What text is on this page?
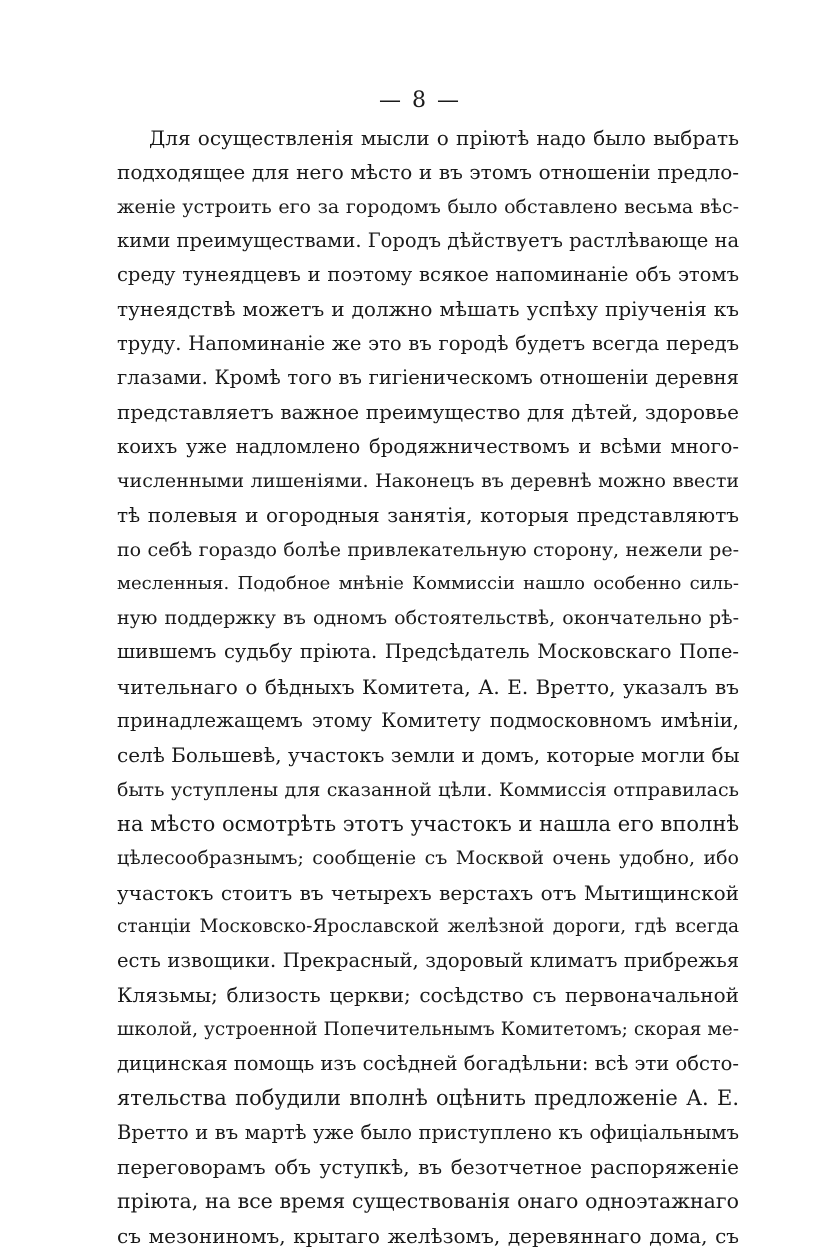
— 8 —
Для осуществленія мысли о пріютѣ надо было выбрать
подходящее для него мѣсто и въ этомъ отношеніи предло-
женіе устроить его за городомъ было обставлено весьма вѣс-
кими преимуществами. Городъ дѣйствуетъ растлѣвающе на
среду тунеядцевъ и поэтому всякое напоминаніе объ этомъ
тунеядствѣ можетъ и должно мѣшать успѣху пріученія къ
труду. Напоминаніе же это въ городѣ будетъ всегда передъ
глазами. Кромѣ того въ гигіеническомъ отношеніи деревня
представляетъ важное преимущество для дѣтей, здоровье
коихъ уже надломлено бродяжничествомъ и всѣми много-
численными лишеніями. Наконецъ въ деревнѣ можно ввести
тѣ полевыя и огородныя занятія, которыя представляютъ
по себѣ гораздо болѣе привлекательную сторону, нежели ре-
месленныя. Подобное мнѣніе Коммиссіи нашло особенно силь-
ную поддержку въ одномъ обстоятельствѣ, окончательно рѣ-
шившемъ судьбу пріюта. Предсѣдатель Московскаго Попе-
чительнаго о бѣдныхъ Комитета, А. Е. Вретто, указалъ въ
принадлежащемъ этому Комитету подмосковномъ имѣніи,
селѣ Большевѣ, участокъ земли и домъ, которые могли бы
быть уступлены для сказанной цѣли. Коммиссія отправилась
на мѣсто осмотрѣть этотъ участокъ и нашла его вполнѣ
цѣлесообразнымъ; сообщеніе съ Москвой очень удобно, ибо
участокъ стоитъ въ четырехъ верстахъ отъ Мытищинской
станціи Московско-Ярославской желѣзной дороги, гдѣ всегда
есть извощики. Прекрасный, здоровый климатъ прибрежья
Клязьмы; близость церкви; сосѣдство съ первоначальной
школой, устроенной Попечительнымъ Комитетомъ; скорая ме-
дицинская помощь изъ сосѣдней богадѣльни: всѣ эти обсто-
ятельства побудили вполнѣ оцѣнить предложеніе А. Е.
Вретто и въ мартѣ уже было приступлено къ офиціальнымъ
переговорамъ объ уступкѣ, въ безотчетное распоряженіе
пріюта, на все время существованія онаго одноэтажнаго
съ мезониномъ, крытаго желѣзомъ, деревяннаго дома, съ
